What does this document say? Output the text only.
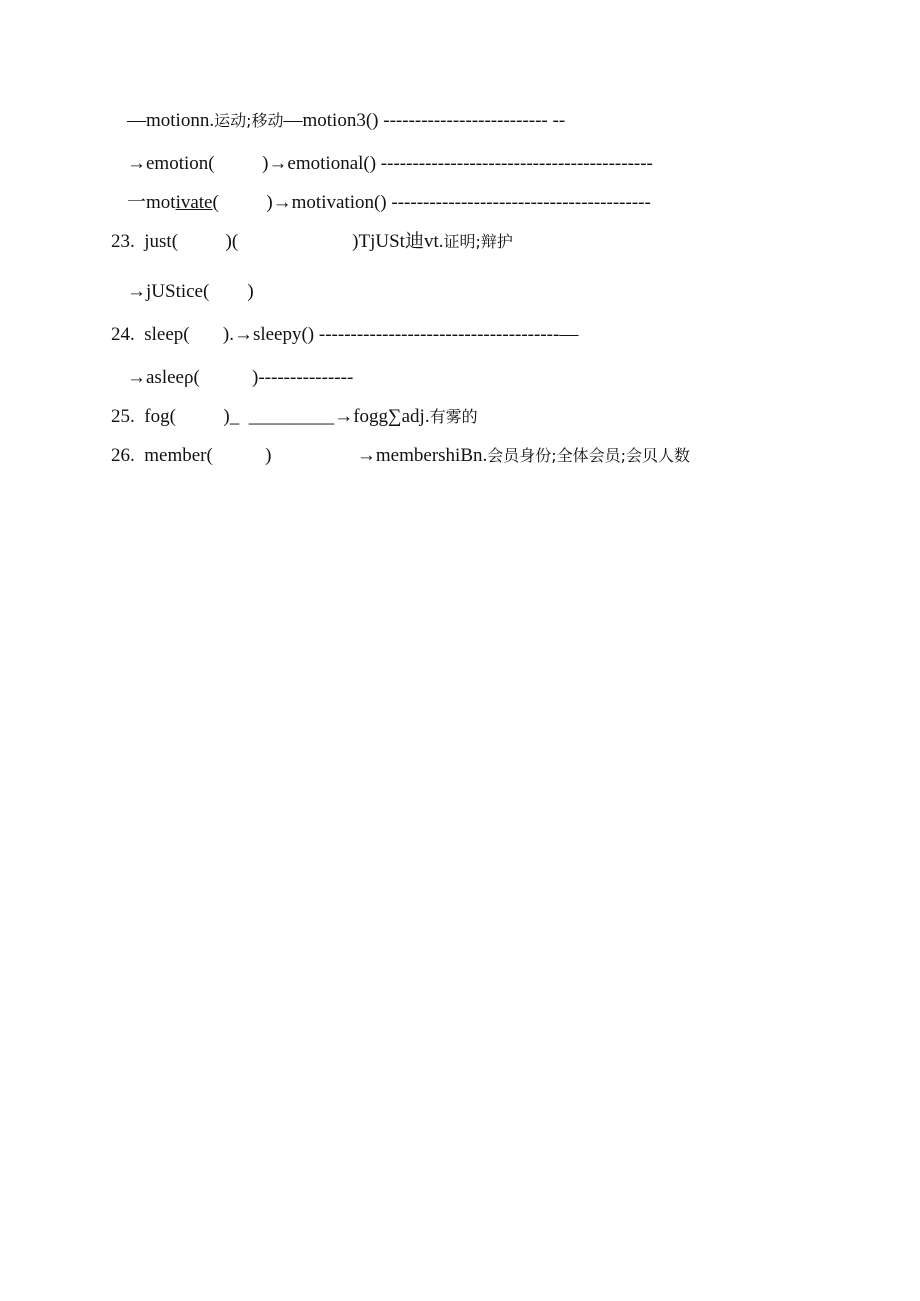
—motionn.运动;移动—motion3() -------------------------- --

→emotion(          )→emotional() -------------------------------------------

一motivate(          )→motivation() -----------------------------------------

23.  just(          )(                        )TjUSt迪vt.证明;辩护

→jUStice(        )

24.  sleep(       ).→sleepy() --------------------------------------—

→asleeρ(           )---------------

25.  fog(          )_  _________→fogg∑adj.有雾的

26.  member(           )                  →membershiBn.会员身份;全体会员;会贝人数
